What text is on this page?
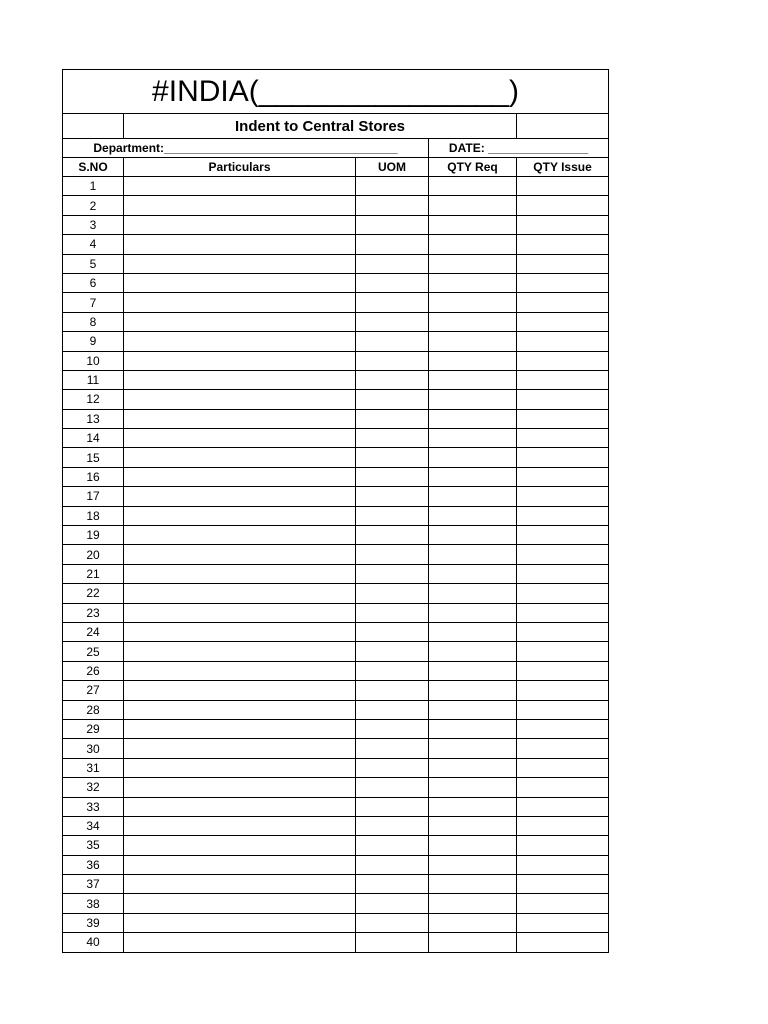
#INDIA(_______________)				
	Indent to Central Stores			
Department:___________________________________			DATE: _______________	
S.NO	Particulars	UOM	QTY Req	QTY Issue
1				
2				
3				
4				
5				
6				
7				
8				
9				
10				
11				
12				
13				
14				
15				
16				
17				
18				
19				
20				
21				
22				
23				
24				
25				
26				
27				
28				
29				
30				
31				
32				
33				
34				
35				
36				
37				
38				
39				
40				
